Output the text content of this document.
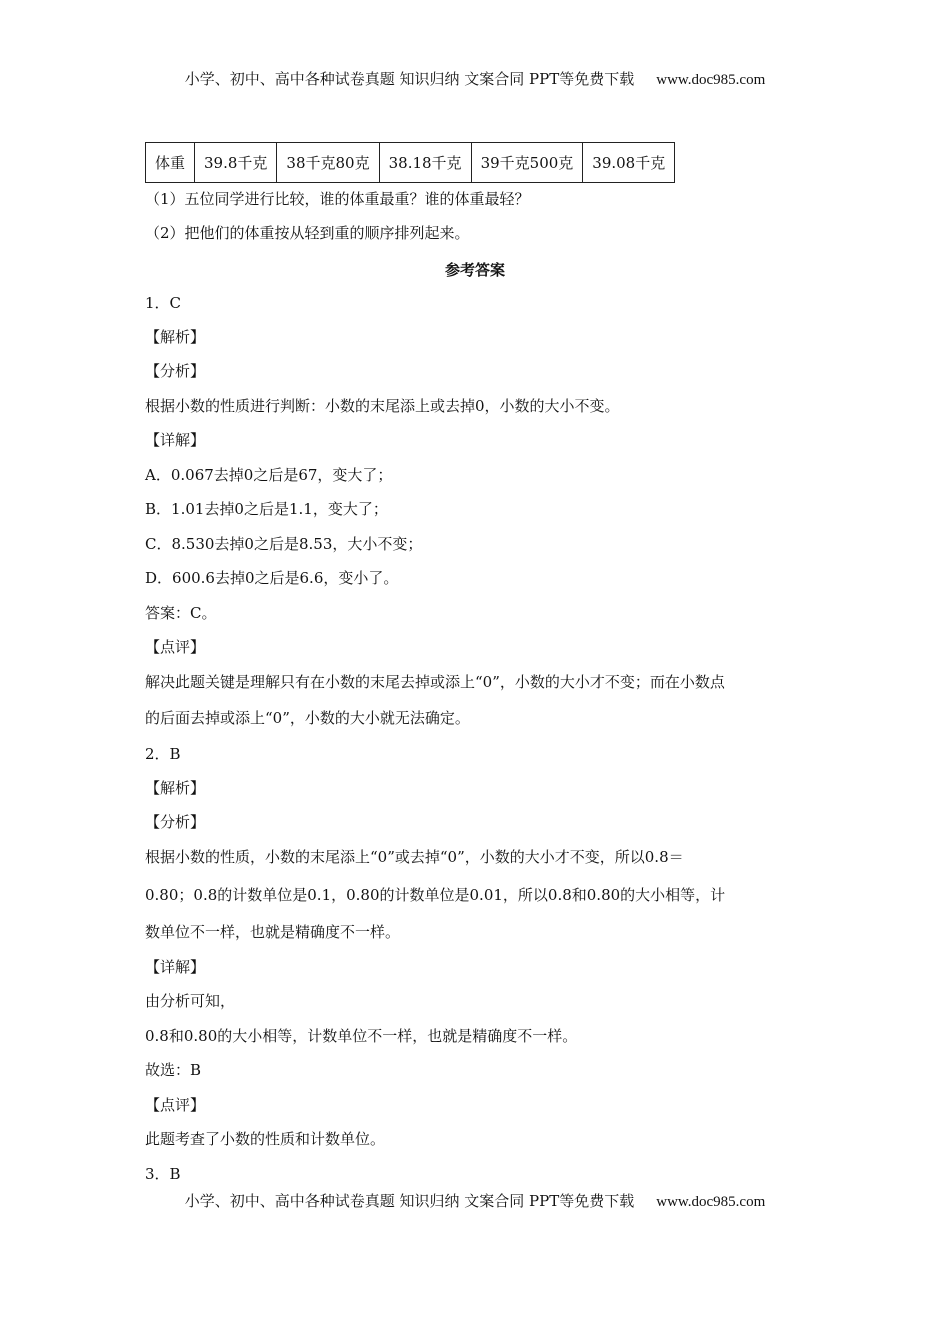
小学、初中、高中各种试卷真题 知识归纳 文案合同 PPT等免费下载 www.doc985.com
体重	39.8千克	38千克80克	38.18千克	39千克500克	39.08千克
（1）五位同学进行比较，谁的体重最重？谁的体重最轻？
（2）把他们的体重按从轻到重的顺序排列起来。
参考答案
1．C
【解析】
【分析】
根据小数的性质进行判断：小数的末尾添上或去掉0，小数的大小不变。
【详解】
A．0.067去掉0之后是67，变大了；
B．1.01去掉0之后是1.1，变大了；
C．8.530去掉0之后是8.53，大小不变；
D．600.6去掉0之后是6.6，变小了。
答案：C。
【点评】
解决此题关键是理解只有在小数的末尾去掉或添上“0”，小数的大小才不变；而在小数点
的后面去掉或添上“0”，小数的大小就无法确定。
2．B
【解析】
【分析】
根据小数的性质，小数的末尾添上“0”或去掉“0”，小数的大小才不变，所以0.8＝
0.80；0.8的计数单位是0.1，0.80的计数单位是0.01，所以0.8和0.80的大小相等，计
数单位不一样，也就是精确度不一样。
【详解】
由分析可知，
0.8和0.80的大小相等，计数单位不一样，也就是精确度不一样。
故选：B
【点评】
此题考查了小数的性质和计数单位。
3．B
小学、初中、高中各种试卷真题 知识归纳 文案合同 PPT等免费下载 www.doc985.com
